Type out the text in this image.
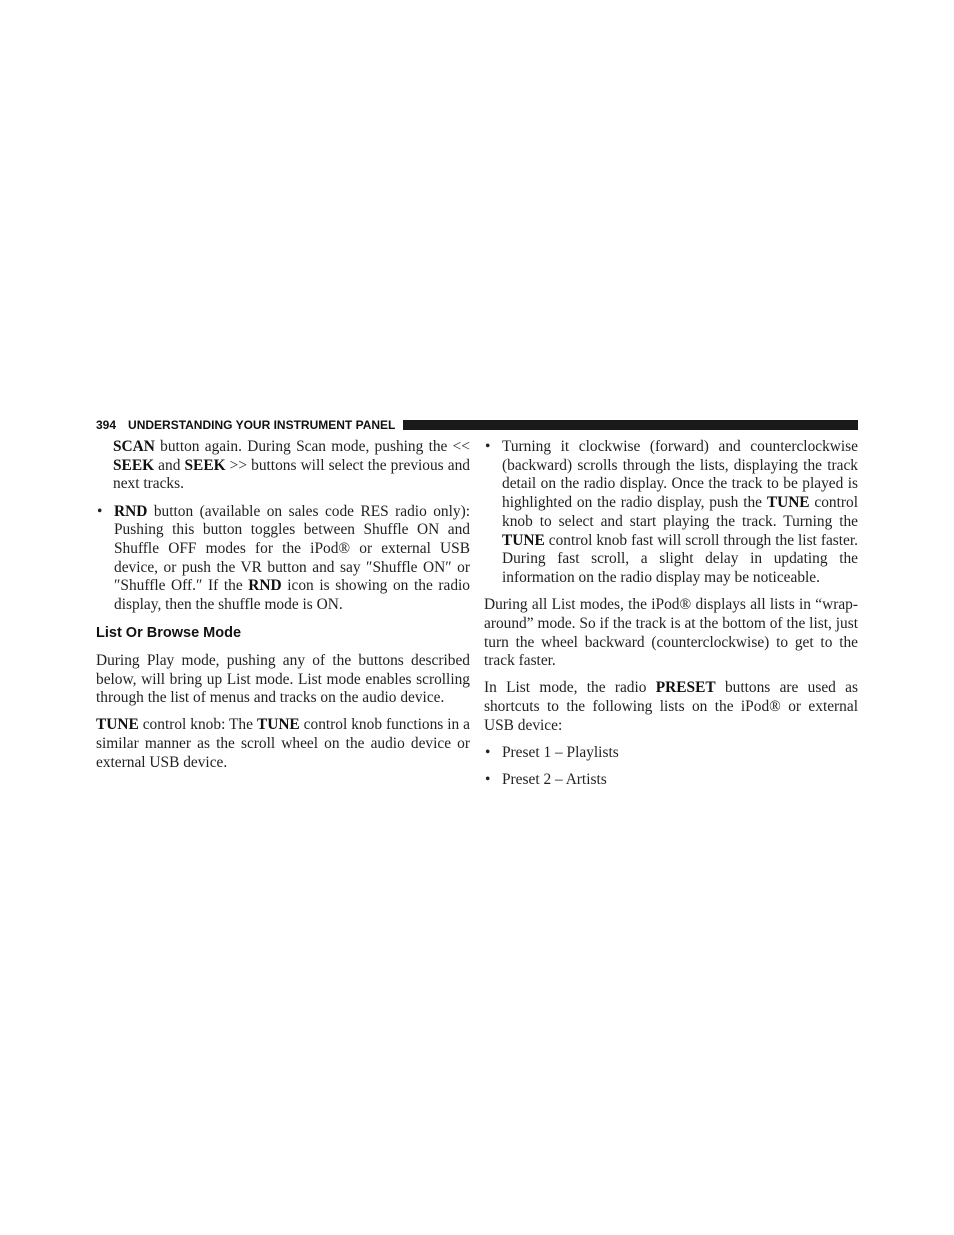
394 UNDERSTANDING YOUR INSTRUMENT PANEL

SCAN button again. During Scan mode, pushing the << SEEK and SEEK >> buttons will select the previous and next tracks.

• RND button (available on sales code RES radio only): Pushing this button toggles between Shuffle ON and Shuffle OFF modes for the iPod® or external USB device, or push the VR button and say ″Shuffle ON″ or ″Shuffle Off.″ If the RND icon is showing on the radio display, then the shuffle mode is ON.
List Or Browse Mode

During Play mode, pushing any of the buttons described below, will bring up List mode. List mode enables scrolling through the list of menus and tracks on the audio device.

TUNE control knob: The TUNE control knob functions in a similar manner as the scroll wheel on the audio device or external USB device.

• Turning it clockwise (forward) and counterclockwise (backward) scrolls through the lists, displaying the track detail on the radio display. Once the track to be played is highlighted on the radio display, push the TUNE control knob to select and start playing the track. Turning the TUNE control knob fast will scroll through the list faster. During fast scroll, a slight delay in updating the information on the radio display may be noticeable.

During all List modes, the iPod® displays all lists in “wrap-around” mode. So if the track is at the bottom of the list, just turn the wheel backward (counterclockwise) to get to the track faster.

In List mode, the radio PRESET buttons are used as shortcuts to the following lists on the iPod® or external USB device:

• Preset 1 – Playlists
• Preset 2 – Artists
